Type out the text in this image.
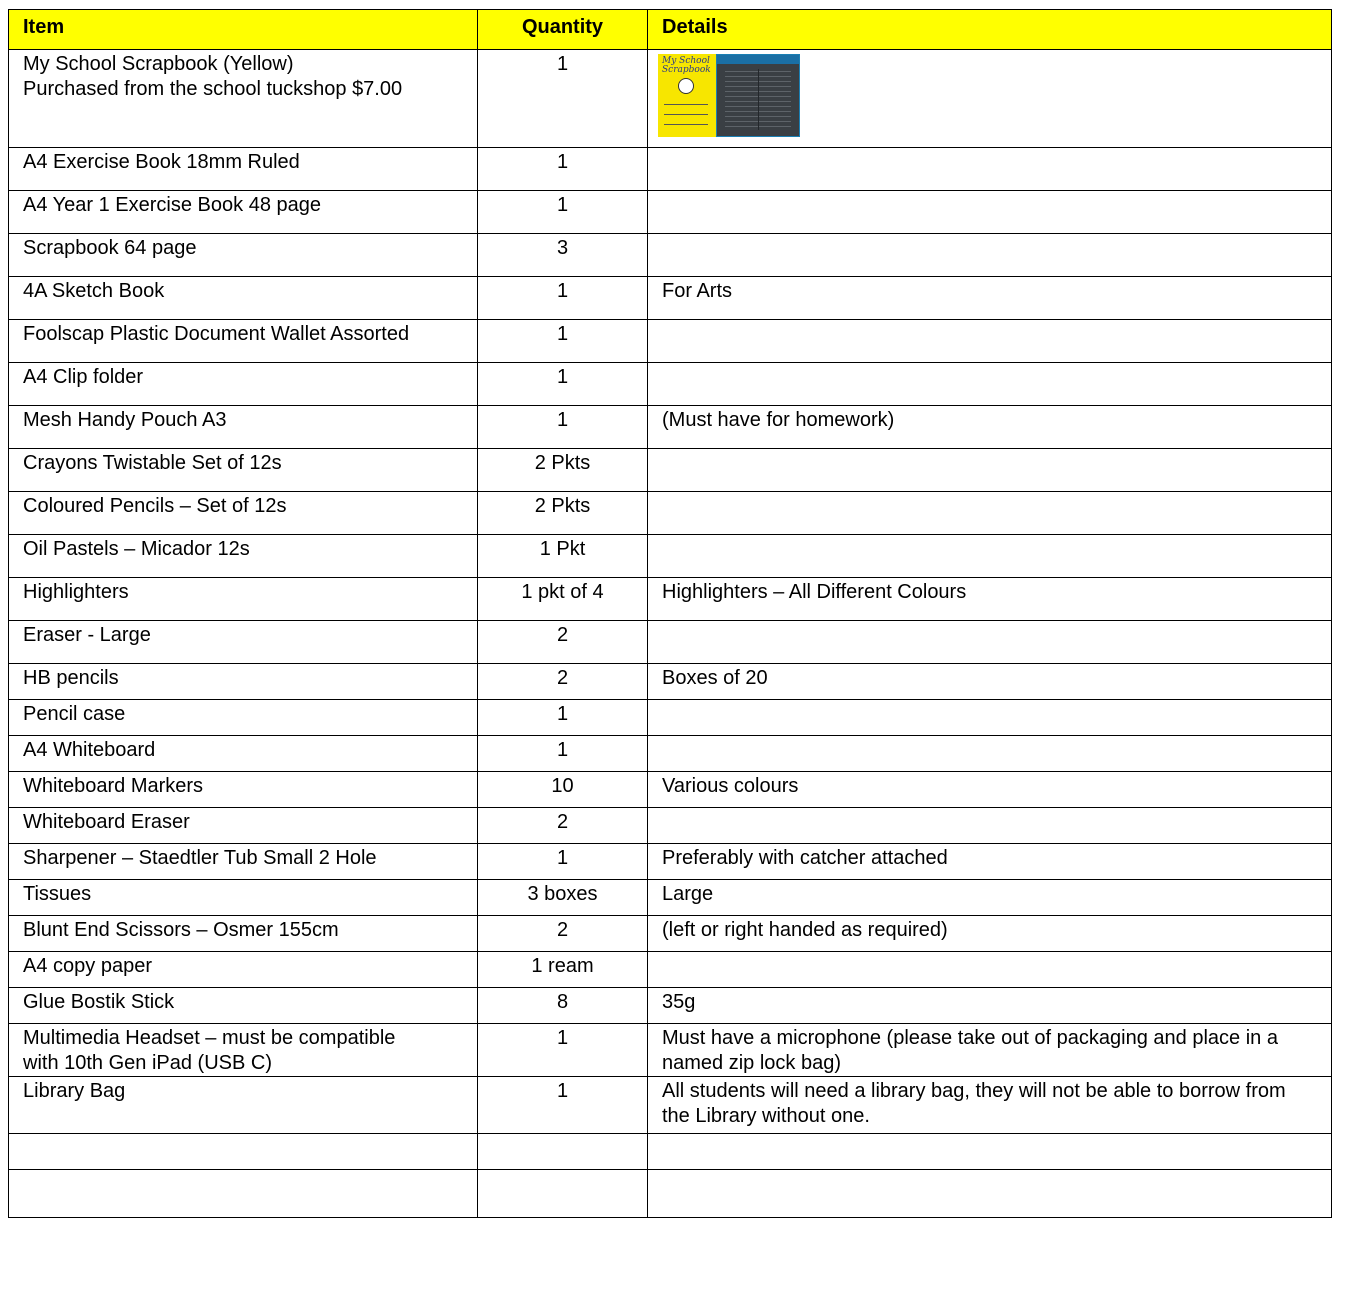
Item	Quantity	Details

My School Scrapbook (Yellow)
Purchased from the school tuckshop $7.00	1	My School Scrapbook

A4 Exercise Book 18mm Ruled	1	

A4 Year 1 Exercise Book 48 page	1	

Scrapbook 64 page	3	

4A Sketch Book	1	For Arts

Foolscap Plastic Document Wallet Assorted	1	

A4 Clip folder	1	

Mesh Handy Pouch A3	1	(Must have for homework)

Crayons Twistable Set of 12s	2 Pkts	

Coloured Pencils – Set of 12s	2 Pkts	

Oil Pastels – Micador 12s	1 Pkt	

Highlighters	1 pkt of 4	Highlighters – All Different Colours

Eraser - Large	2	

HB pencils	2	Boxes of 20

Pencil case	1	

A4 Whiteboard	1	

Whiteboard Markers	10	Various colours

Whiteboard Eraser	2	

Sharpener – Staedtler Tub Small 2 Hole	1	Preferably with catcher attached

Tissues	3 boxes	Large

Blunt End Scissors – Osmer 155cm	2	(left or right handed as required)

A4 copy paper	1 ream	

Glue Bostik Stick	8	35g

Multimedia Headset – must be compatible
with 10th Gen iPad (USB C)	1	Must have a microphone (please take out of packaging and place in a named zip lock bag)

Library Bag	1	All students will need a library bag, they will not be able to borrow from the Library without one.
